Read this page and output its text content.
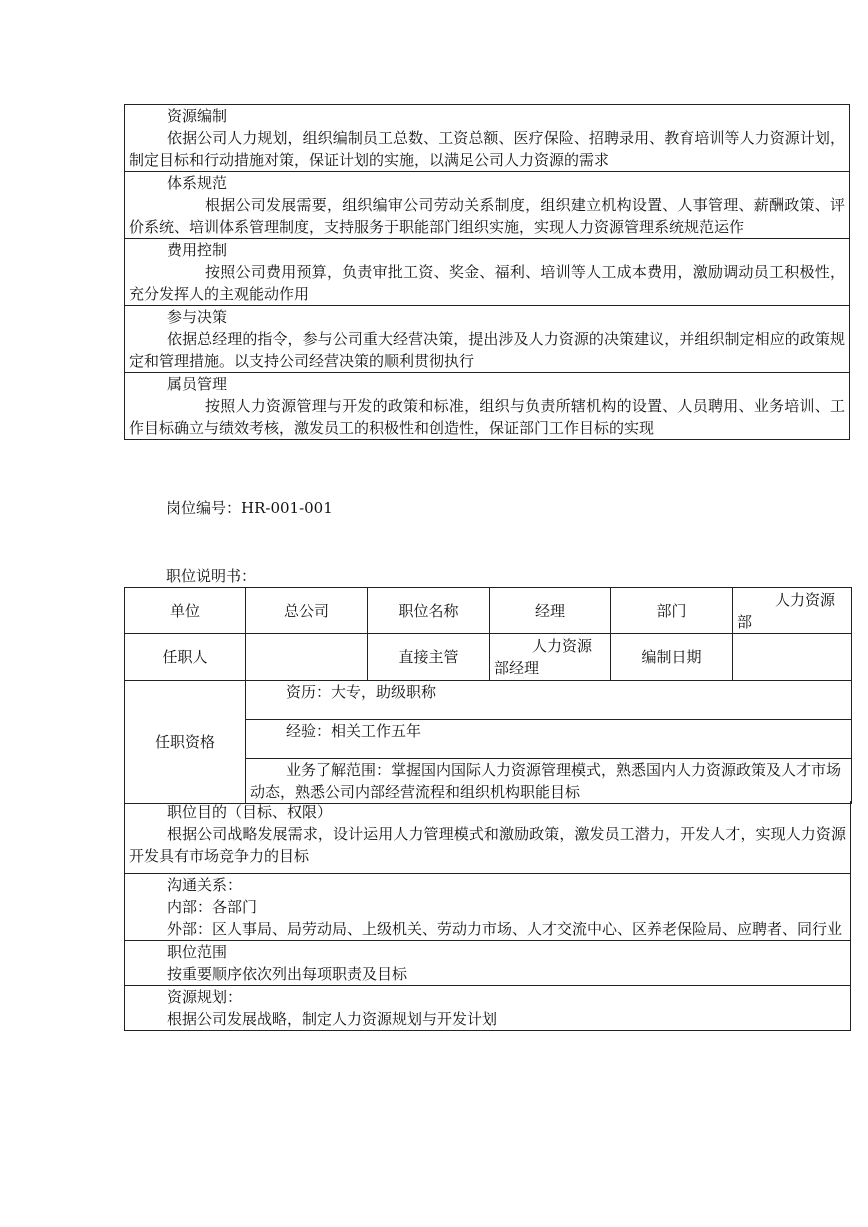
资源编制
依据公司人力规划，组织编制员工总数、工资总额、医疗保险、招聘录用、教育培训等人力资源计划，制定目标和行动措施对策，保证计划的实施，以满足公司人力资源的需求
体系规范
根据公司发展需要，组织编审公司劳动关系制度，组织建立机构设置、人事管理、薪酬政策、评价系统、培训体系管理制度，支持服务于职能部门组织实施，实现人力资源管理系统规范运作
费用控制
按照公司费用预算，负责审批工资、奖金、福利、培训等人工成本费用，激励调动员工积极性，充分发挥人的主观能动作用
参与决策
依据总经理的指令，参与公司重大经营决策，提出涉及人力资源的决策建议，并组织制定相应的政策规定和管理措施。以支持公司经营决策的顺利贯彻执行
属员管理
按照人力资源管理与开发的政策和标准，组织与负责所辖机构的设置、人员聘用、业务培训、工作目标确立与绩效考核，激发员工的积极性和创造性，保证部门工作目标的实现
岗位编号：HR-001-001
职位说明书：
单位	总公司	职位名称	经理	部门	人力资源部
任职人		直接主管	人力资源部经理	编制日期	
任职资格	资历：大专，助级职称
经验：相关工作五年
业务了解范围：掌握国内国际人力资源管理模式，熟悉国内人力资源政策及人才市场动态，熟悉公司内部经营流程和组织机构职能目标				
职位目的（目标、权限）
根据公司战略发展需求，设计运用人力管理模式和激励政策，激发员工潜力，开发人才，实现人力资源开发具有市场竞争力的目标
沟通关系：
内部：各部门
外部：区人事局、局劳动局、上级机关、劳动力市场、人才交流中心、区养老保险局、应聘者、同行业
职位范围
按重要顺序依次列出每项职责及目标
资源规划：
根据公司发展战略，制定人力资源规划与开发计划
